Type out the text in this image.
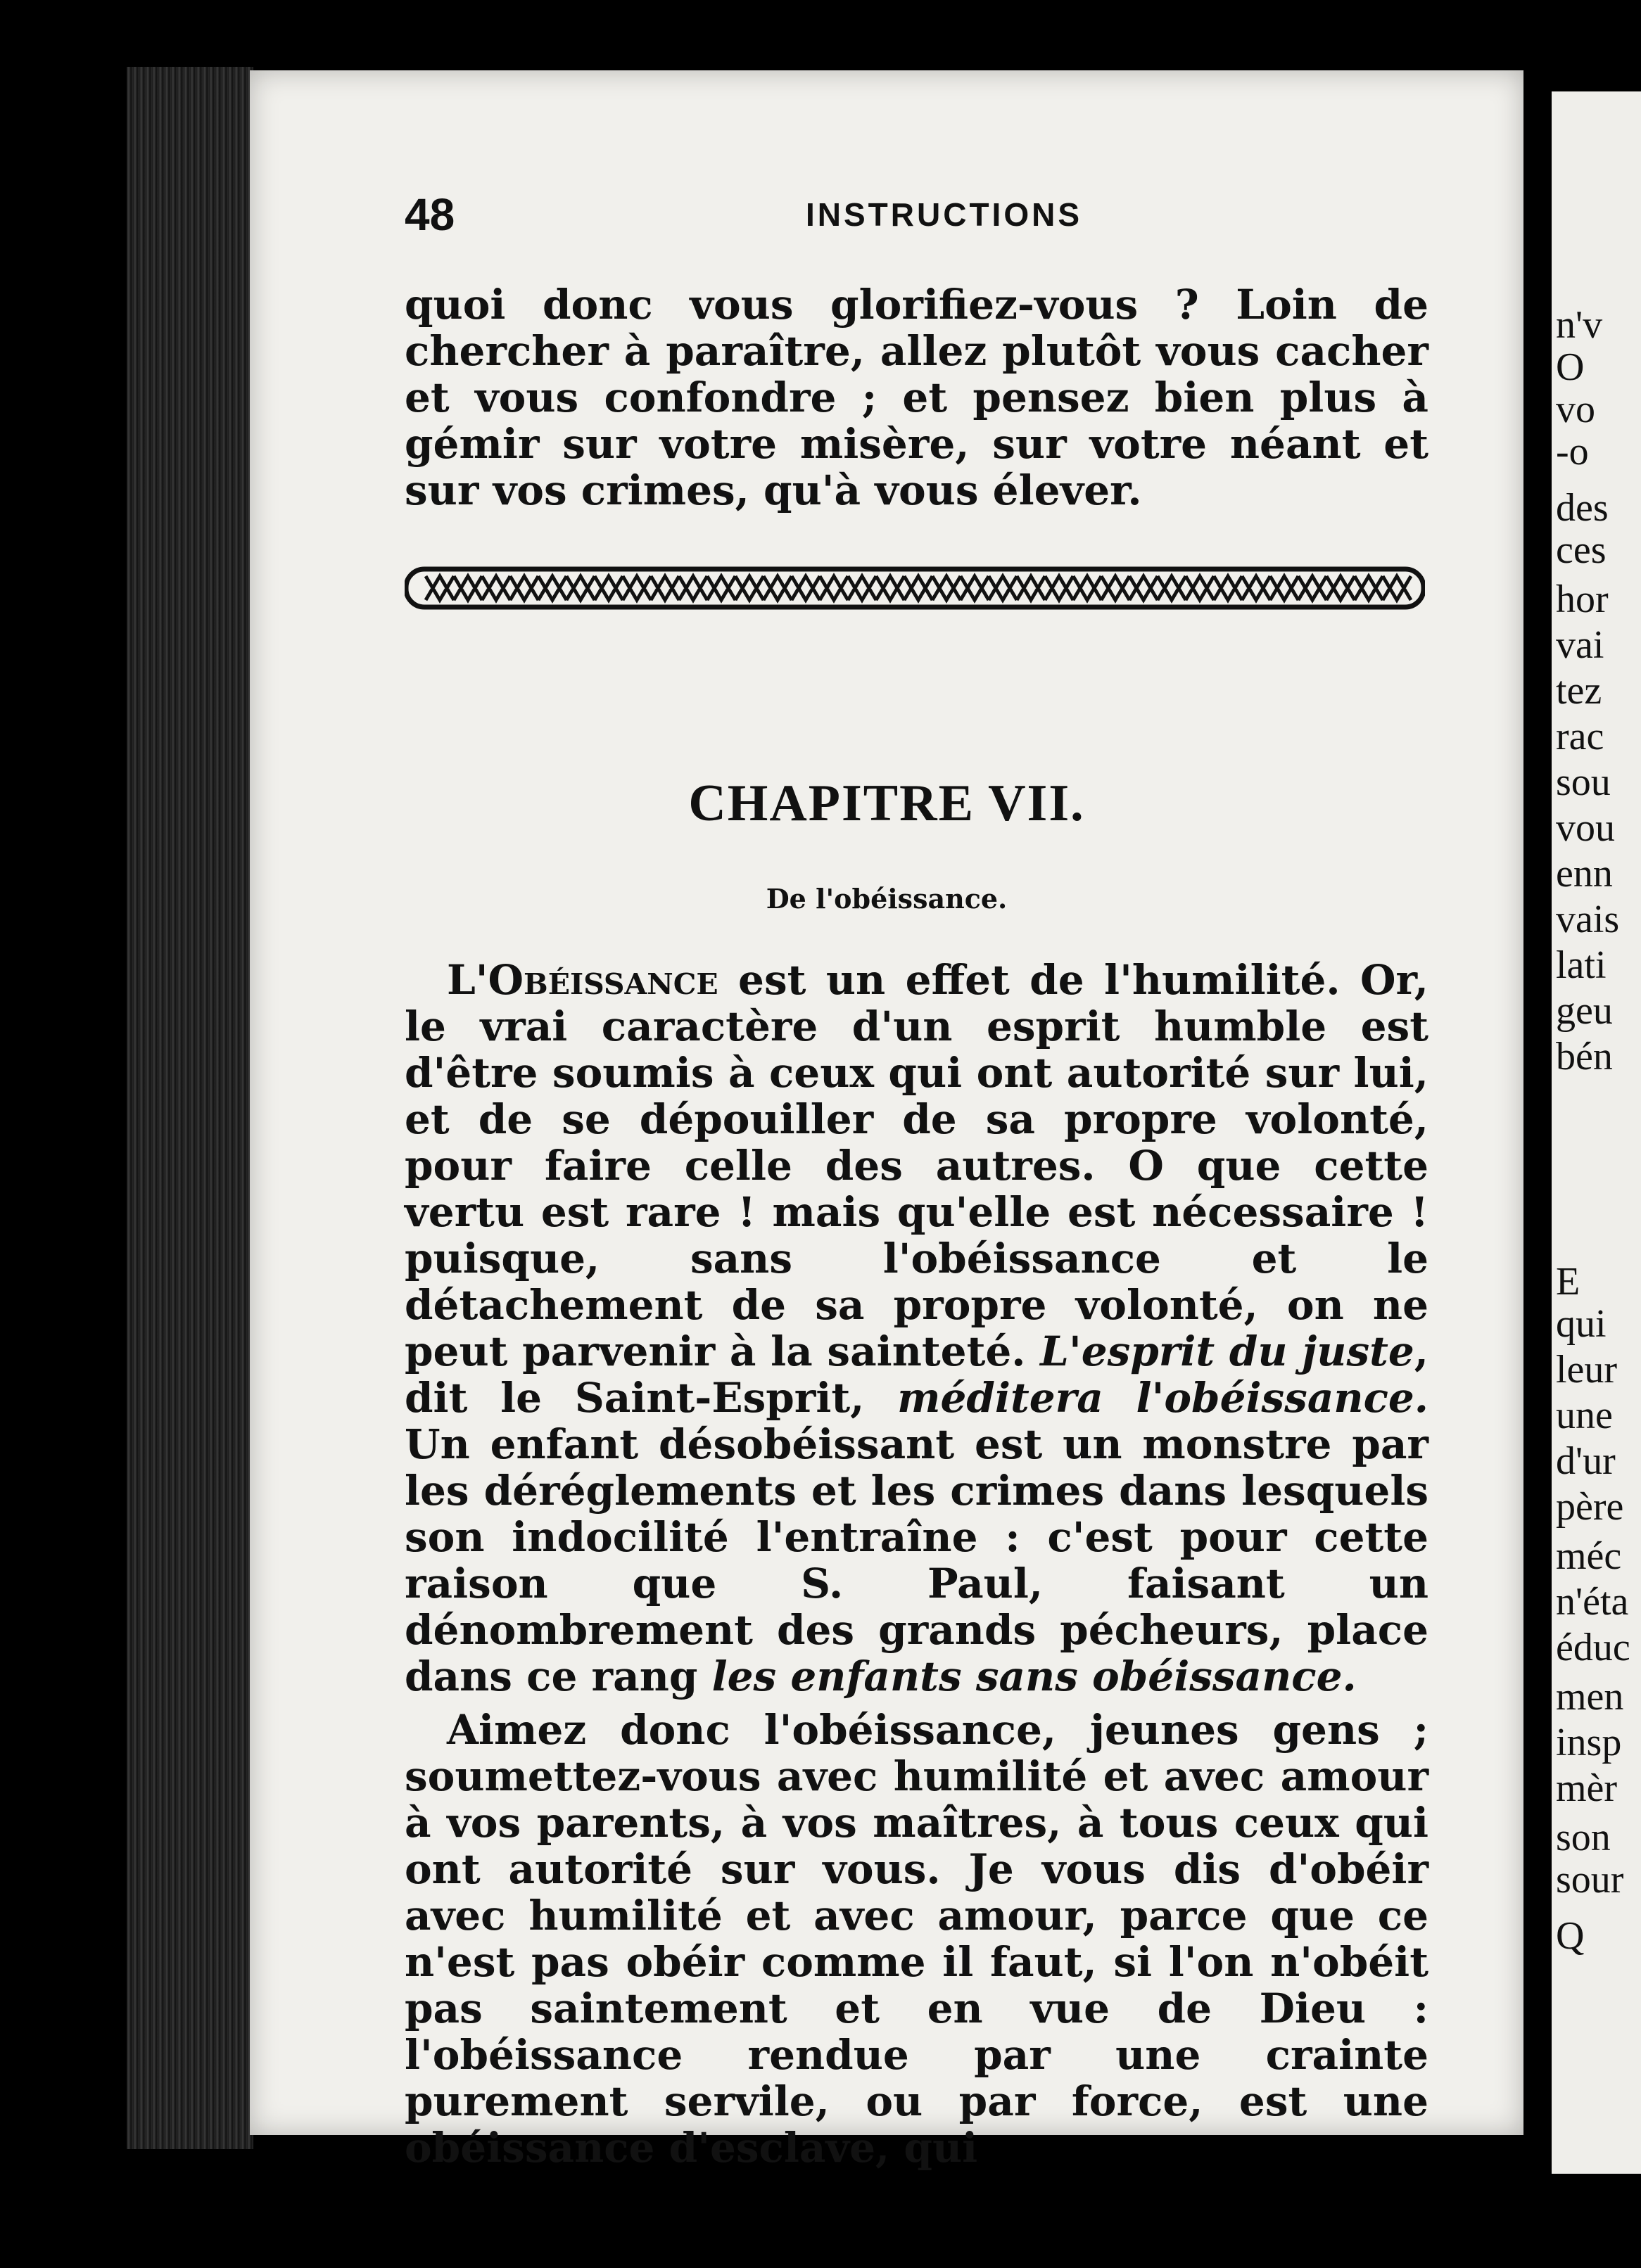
48	INSTRUCTIONS

quoi donc vous glorifiez-vous ? Loin de chercher à paraître, allez plutôt vous cacher et vous confondre ; et pensez bien plus à gémir sur votre misère, sur votre néant et sur vos crimes, qu'à vous élever.

CHAPITRE VII.
De l'obéissance.

L'Obéissance est un effet de l'humilité. Or, le vrai caractère d'un esprit humble est d'être soumis à ceux qui ont autorité sur lui, et de se dépouiller de sa propre volonté, pour faire celle des autres. O que cette vertu est rare ! mais qu'elle est nécessaire ! puisque, sans l'obéissance et le détachement de sa propre volonté, on ne peut parvenir à la sainteté. L'esprit du juste, dit le Saint-Esprit, méditera l'obéissance. Un enfant désobéissant est un monstre par les déréglements et les crimes dans lesquels son indocilité l'entraîne : c'est pour cette raison que S. Paul, faisant un dénombrement des grands pécheurs, place dans ce rang les enfants sans obéissance.

Aimez donc l'obéissance, jeunes gens ; soumettez-vous avec humilité et avec amour à vos parents, à vos maîtres, à tous ceux qui ont autorité sur vous. Je vous dis d'obéir avec humilité et avec amour, parce que ce n'est pas obéir comme il faut, si l'on n'obéit pas saintement et en vue de Dieu : l'obéissance rendue par une crainte purement servile, ou par force, est une obéissance d'esclave, qui

n'v
O
vo
-o
des
ces
hor
vai
tez
rac
sou
vou
enn
vais
lati
geu
bén
E
qui
leur
une
d'ur
père
méc
n'éta
éduc
men
insp
mèr
son
sour
Q
